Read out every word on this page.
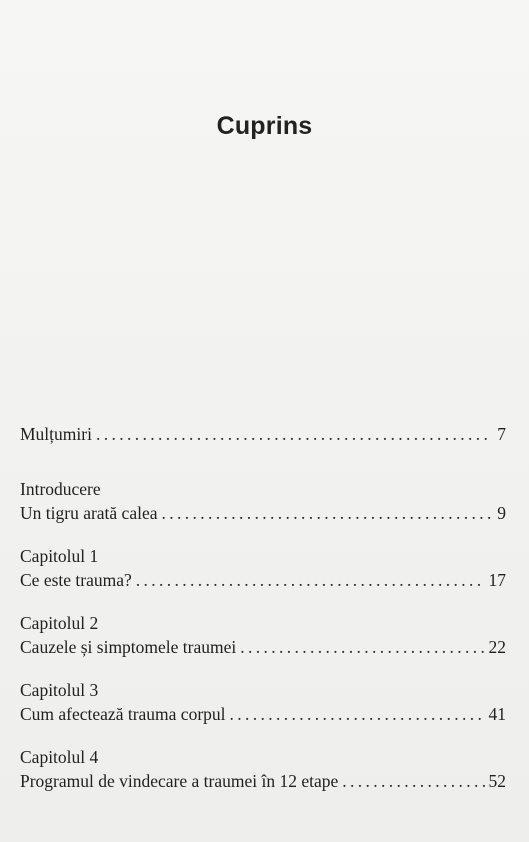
Cuprins
Mulțumiri . . .	7
Introducere
Un tigru arată calea . . .	9
Capitolul 1
Ce este trauma? . . .	17
Capitolul 2
Cauzele și simptomele traumei . . .	22
Capitolul 3
Cum afectează trauma corpul . . .	41
Capitolul 4
Programul de vindecare a traumei în 12 etape . . .	52
